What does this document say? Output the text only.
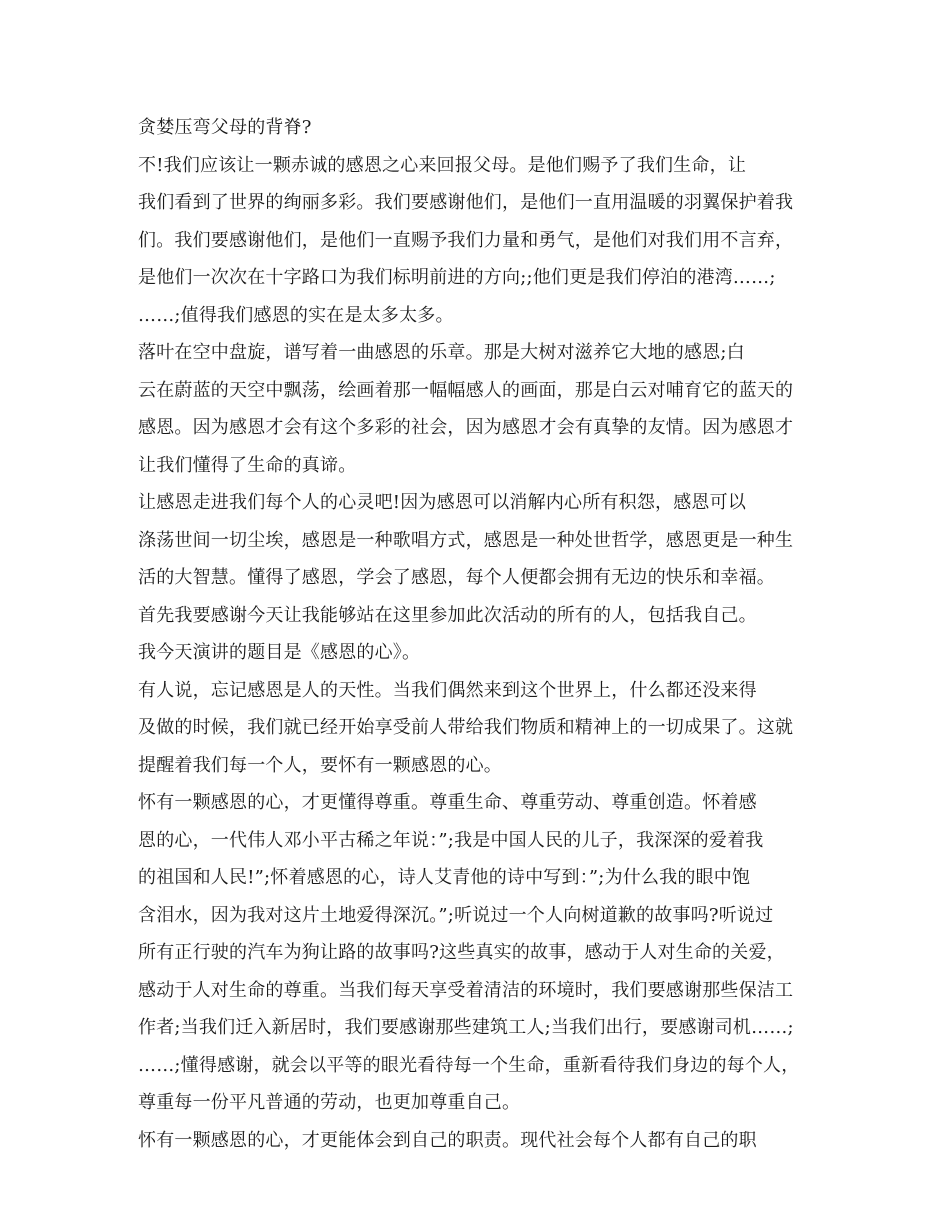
贪婪压弯父母的背脊?
不!我们应该让一颗赤诚的感恩之心来回报父母。是他们赐予了我们生命，让
我们看到了世界的绚丽多彩。我们要感谢他们，是他们一直用温暖的羽翼保护着我
们。我们要感谢他们，是他们一直赐予我们力量和勇气，是他们对我们用不言弃，
是他们一次次在十字路口为我们标明前进的方向;;他们更是我们停泊的港湾……;
……;值得我们感恩的实在是太多太多。
落叶在空中盘旋，谱写着一曲感恩的乐章。那是大树对滋养它大地的感恩;白
云在蔚蓝的天空中飘荡，绘画着那一幅幅感人的画面，那是白云对哺育它的蓝天的
感恩。因为感恩才会有这个多彩的社会，因为感恩才会有真挚的友情。因为感恩才
让我们懂得了生命的真谛。
让感恩走进我们每个人的心灵吧!因为感恩可以消解内心所有积怨，感恩可以
涤荡世间一切尘埃，感恩是一种歌唱方式，感恩是一种处世哲学，感恩更是一种生
活的大智慧。懂得了感恩，学会了感恩，每个人便都会拥有无边的快乐和幸福。
首先我要感谢今天让我能够站在这里参加此次活动的所有的人，包括我自己。
我今天演讲的题目是《感恩的心》。
有人说，忘记感恩是人的天性。当我们偶然来到这个世界上，什么都还没来得
及做的时候，我们就已经开始享受前人带给我们物质和精神上的一切成果了。这就
提醒着我们每一个人，要怀有一颗感恩的心。
怀有一颗感恩的心，才更懂得尊重。尊重生命、尊重劳动、尊重创造。怀着感
恩的心，一代伟人邓小平古稀之年说：”;我是中国人民的儿子，我深深的爱着我
的祖国和人民!”;怀着感恩的心，诗人艾青他的诗中写到：”;为什么我的眼中饱
含泪水，因为我对这片土地爱得深沉。”;听说过一个人向树道歉的故事吗?听说过
所有正行驶的汽车为狗让路的故事吗?这些真实的故事，感动于人对生命的关爱，
感动于人对生命的尊重。当我们每天享受着清洁的环境时，我们要感谢那些保洁工
作者;当我们迁入新居时，我们要感谢那些建筑工人;当我们出行，要感谢司机……;
……;懂得感谢，就会以平等的眼光看待每一个生命，重新看待我们身边的每个人，
尊重每一份平凡普通的劳动，也更加尊重自己。
怀有一颗感恩的心，才更能体会到自己的职责。现代社会每个人都有自己的职
